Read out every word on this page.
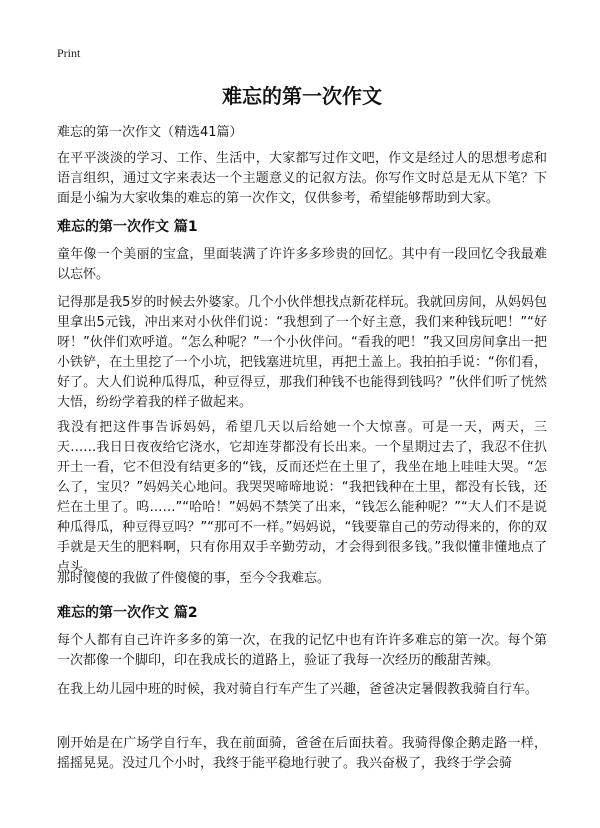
Print
难忘的第一次作文

难忘的第一次作文（精选41篇）

在平平淡淡的学习、工作、生活中，大家都写过作文吧，作文是经过人的思想考虑和语言组织，通过文字来表达一个主题意义的记叙方法。你写作文时总是无从下笔？下面是小编为大家收集的难忘的第一次作文，仅供参考，希望能够帮助到大家。

难忘的第一次作文 篇1

童年像一个美丽的宝盒，里面装满了许许多多珍贵的回忆。其中有一段回忆令我最难以忘怀。

记得那是我5岁的时候去外婆家。几个小伙伴想找点新花样玩。我就回房间，从妈妈包里拿出5元钱，冲出来对小伙伴们说：“我想到了一个好主意，我们来种钱玩吧！”“好呀！”伙伴们欢呼道。“怎么种呢？”一个小伙伴问。“看我的吧！”我又回房间拿出一把小铁铲，在土里挖了一个小坑，把钱塞进坑里，再把土盖上。我拍拍手说：“你们看，好了。大人们说种瓜得瓜，种豆得豆，那我们种钱不也能得到钱吗？”伙伴们听了恍然大悟，纷纷学着我的样子做起来。

我没有把这件事告诉妈妈，希望几天以后给她一个大惊喜。可是一天，两天，三天……我日日夜夜给它浇水，它却连芽都没有长出来。一个星期过去了，我忍不住扒开土一看，它不但没有结更多的“钱，反而还烂在土里了，我坐在地上哇哇大哭。“怎么了，宝贝？”妈妈关心地问。我哭哭啼啼地说：“我把钱种在土里，都没有长钱，还烂在土里了。呜……”“哈哈！”妈妈不禁笑了出来，“钱怎么能种呢？”“大人们不是说种瓜得瓜，种豆得豆吗？”“那可不一样。”妈妈说，“钱要靠自己的劳动得来的，你的双手就是天生的肥料啊，只有你用双手辛勤劳动，才会得到很多钱。”我似懂非懂地点了点头。

那时傻傻的我做了件傻傻的事，至今令我难忘。

难忘的第一次作文 篇2

每个人都有自己许许多多的第一次，在我的记忆中也有许许多难忘的第一次。每个第一次都像一个脚印，印在我成长的道路上，验证了我每一次经历的酸甜苦辣。

在我上幼儿园中班的时候，我对骑自行车产生了兴趣，爸爸决定暑假教我骑自行车。

刚开始是在广场学自行车，我在前面骑，爸爸在后面扶着。我骑得像企鹅走路一样，摇摇晃晃。没过几个小时，我终于能平稳地行驶了。我兴奋极了，我终于学会骑
